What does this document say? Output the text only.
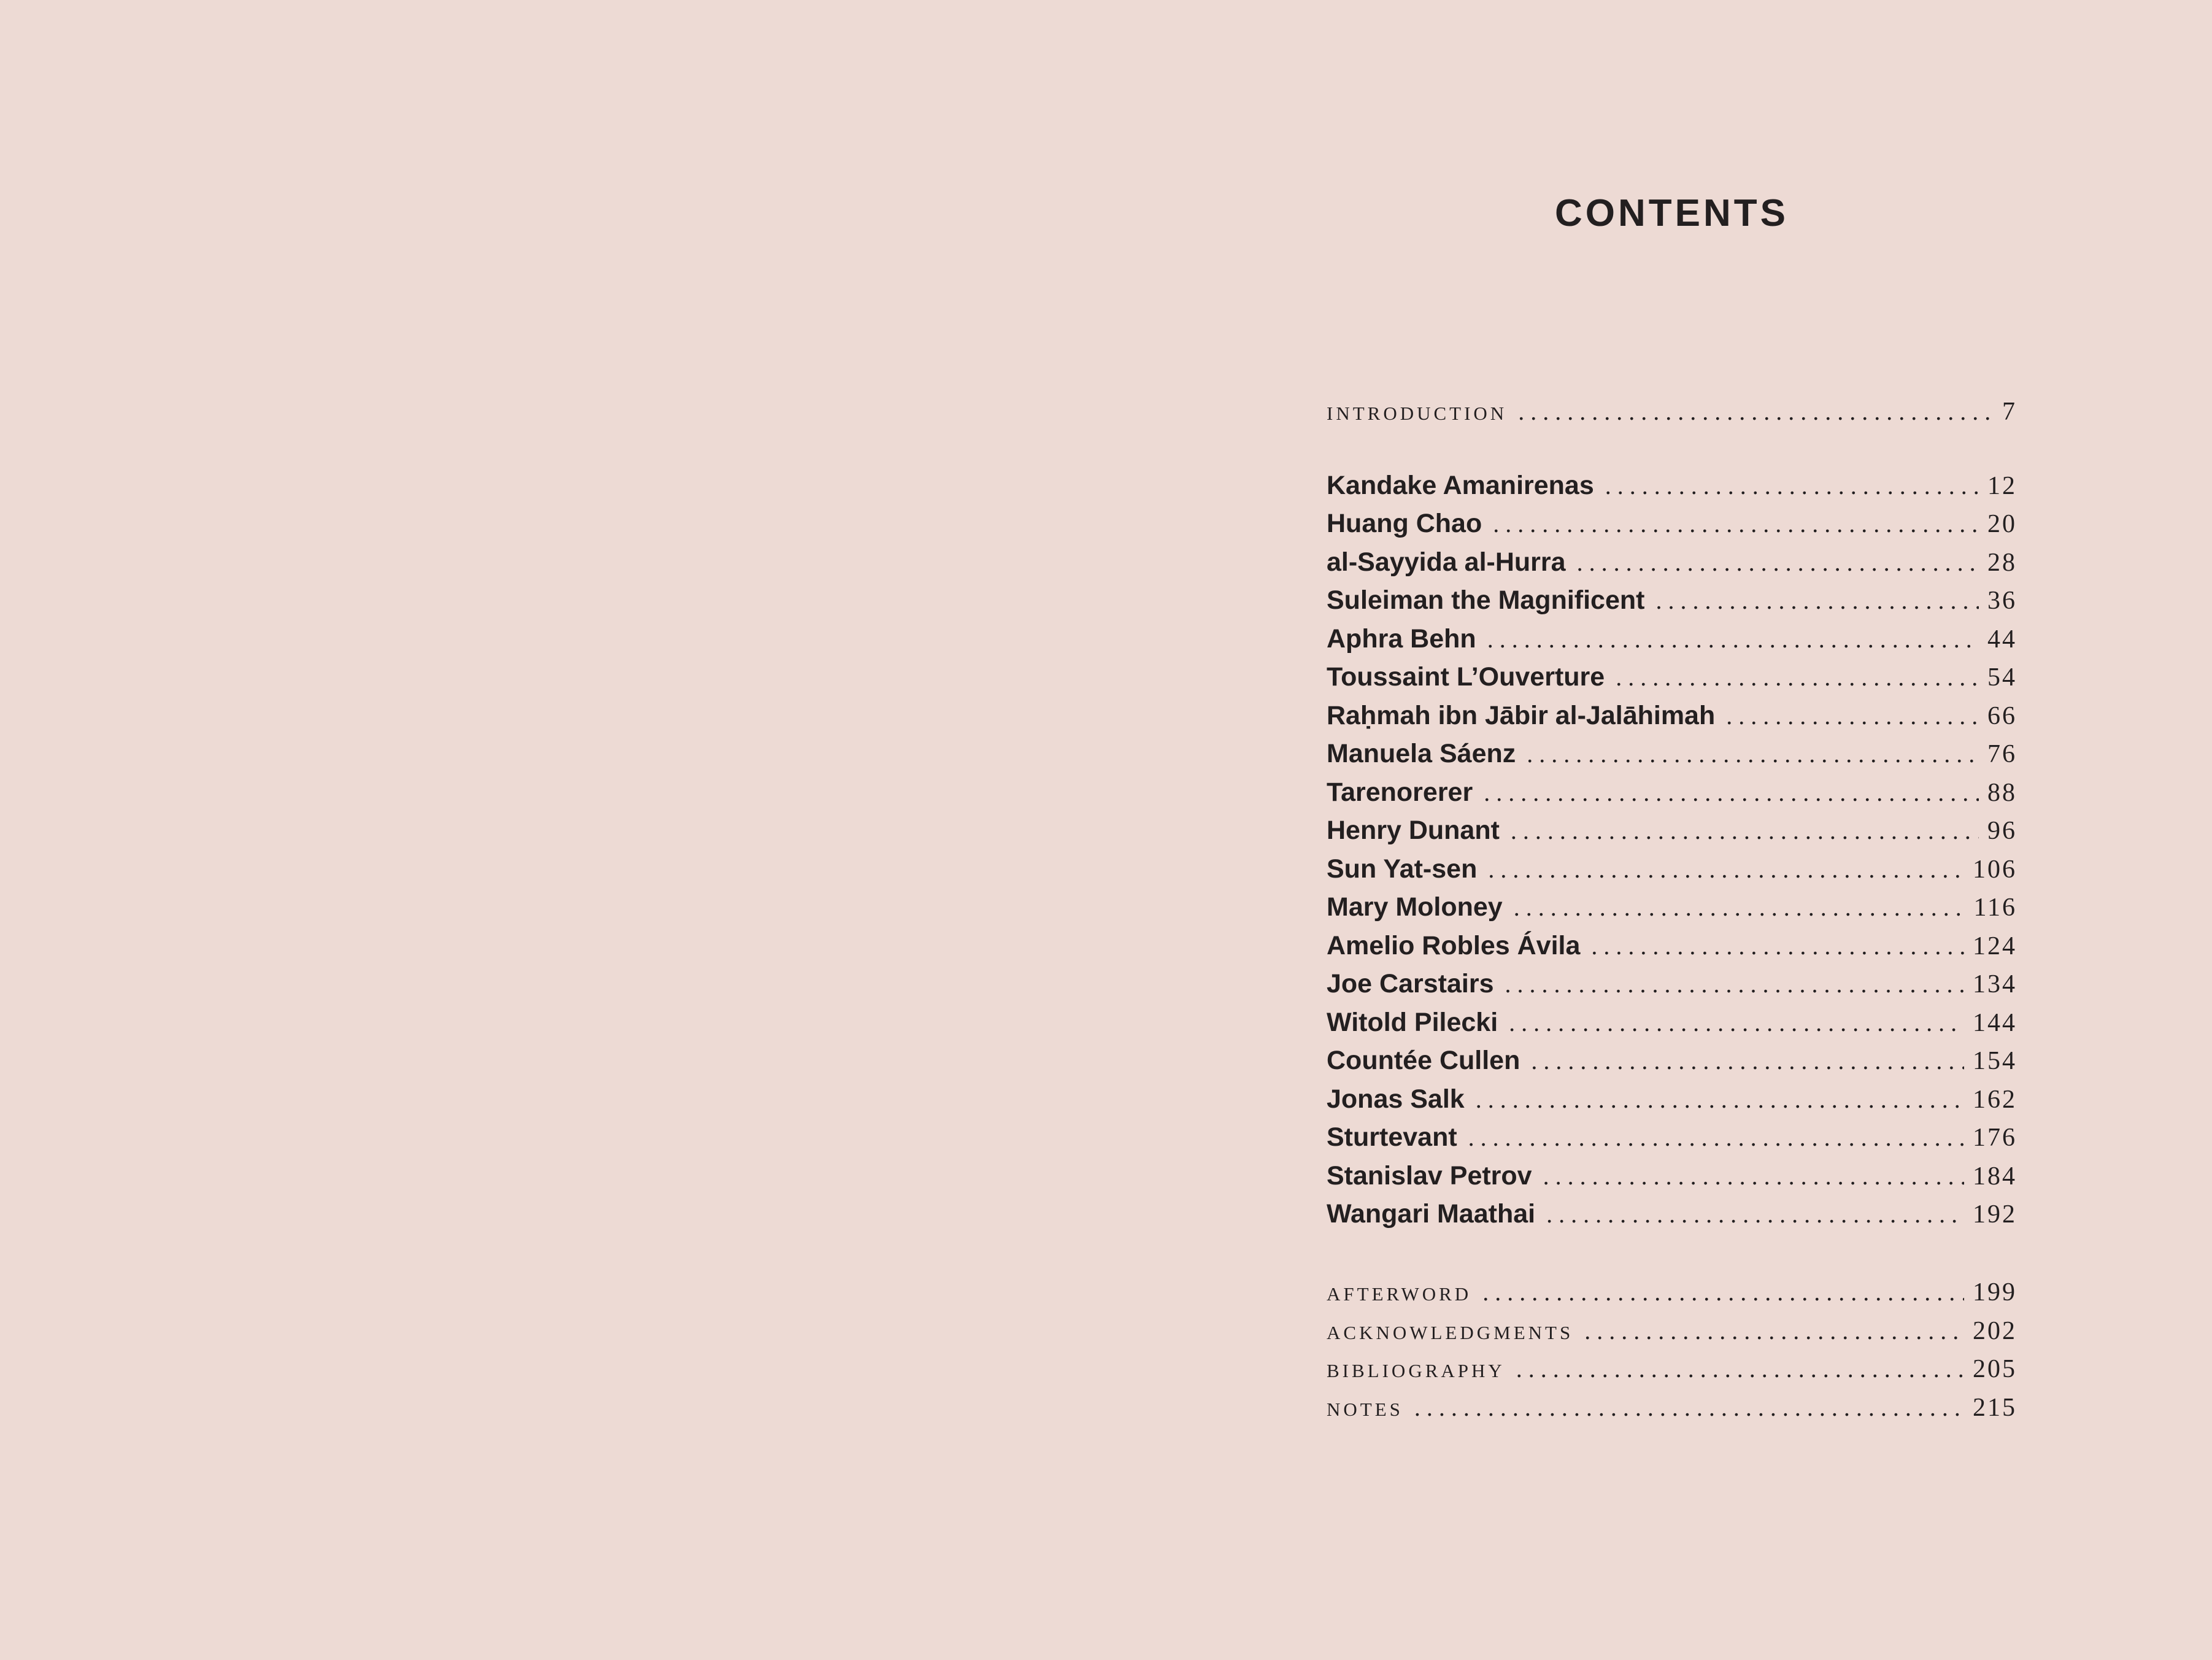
CONTENTS
INTRODUCTION . . .	7
Kandake Amanirenas . . .	12
Huang Chao . . .	20
al-Sayyida al-Hurra . . .	28
Suleiman the Magnificent . . .	36
Aphra Behn . . .	44
Toussaint L’Ouverture . . .	54
Raḥmah ibn Jābir al-Jalāhimah . . .	66
Manuela Sáenz . . .	76
Tarenorerer . . .	88
Henry Dunant . . .	96
Sun Yat-sen . . .	106
Mary Moloney . . .	116
Amelio Robles Ávila . . .	124
Joe Carstairs . . .	134
Witold Pilecki . . .	144
Countée Cullen . . .	154
Jonas Salk . . .	162
Sturtevant . . .	176
Stanislav Petrov . . .	184
Wangari Maathai . . .	192
AFTERWORD . . .	199
ACKNOWLEDGMENTS . . .	202
BIBLIOGRAPHY . . .	205
NOTES . . .	215
